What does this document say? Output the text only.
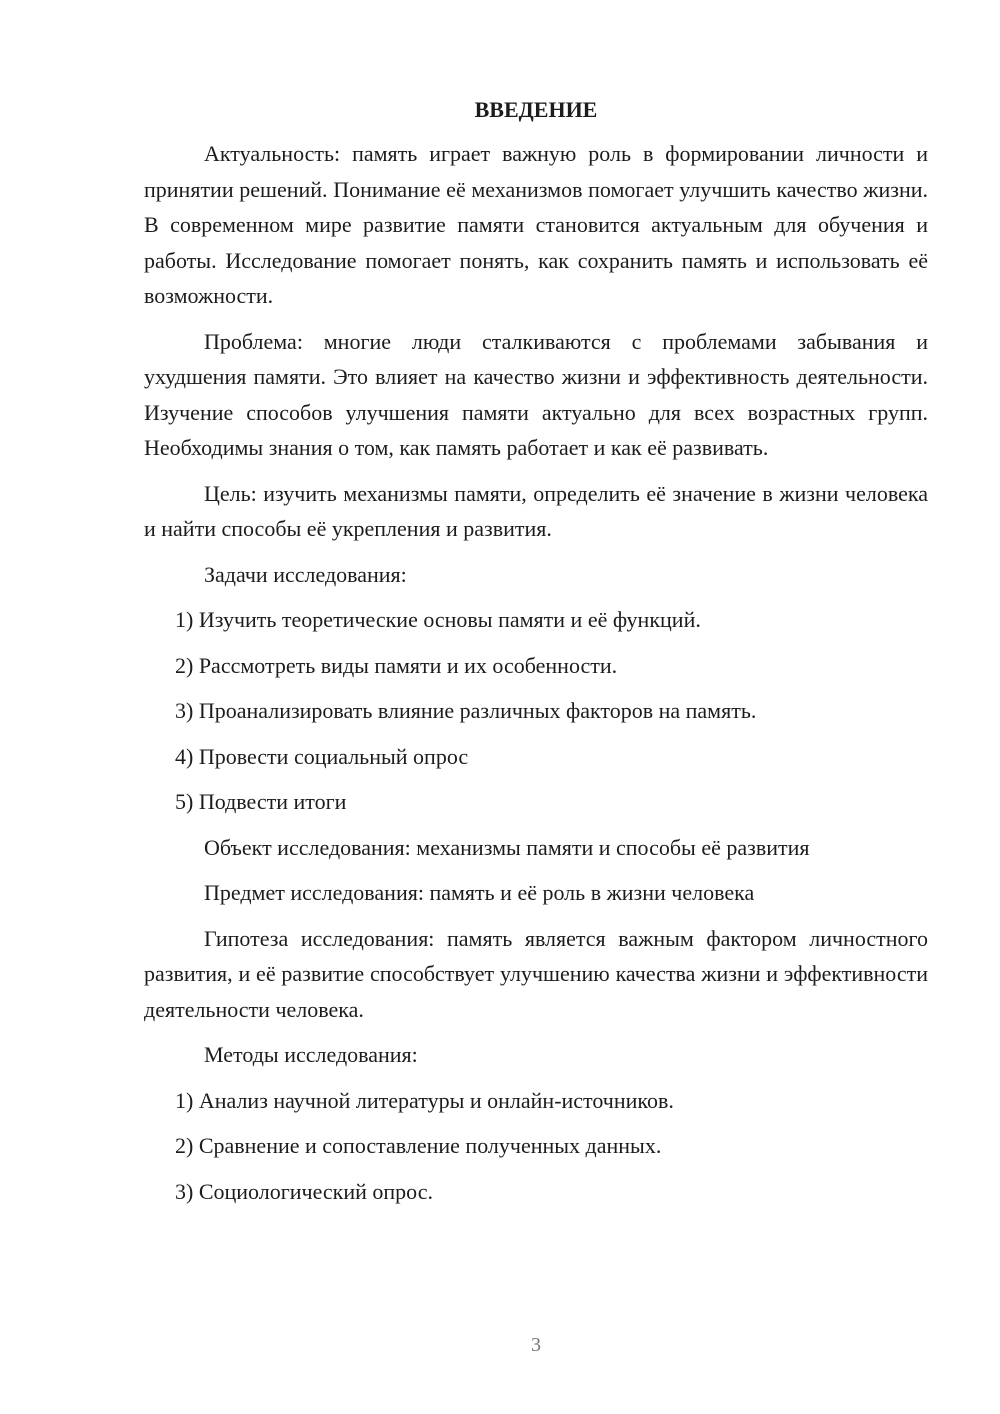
ВВЕДЕНИЕ

Актуальность: память играет важную роль в формировании личности и принятии решений. Понимание её механизмов помогает улучшить качество жизни. В современном мире развитие памяти становится актуальным для обучения и работы. Исследование помогает понять, как сохранить память и использовать её возможности.

Проблема: многие люди сталкиваются с проблемами забывания и ухудшения памяти. Это влияет на качество жизни и эффективность деятельности. Изучение способов улучшения памяти актуально для всех возрастных групп. Необходимы знания о том, как память работает и как её развивать.

Цель: изучить механизмы памяти, определить её значение в жизни человека и найти способы её укрепления и развития.

Задачи исследования:

1) Изучить теоретические основы памяти и её функций.

2) Рассмотреть виды памяти и их особенности.

3) Проанализировать влияние различных факторов на память.

4) Провести социальный опрос

5) Подвести итоги

Объект исследования: механизмы памяти и способы её развития

Предмет исследования: память и её роль в жизни человека

Гипотеза исследования: память является важным фактором личностного развития, и её развитие способствует улучшению качества жизни и эффективности деятельности человека.

Методы исследования:

1) Анализ научной литературы и онлайн-источников.

2) Сравнение и сопоставление полученных данных.

3) Социологический опрос.

3
